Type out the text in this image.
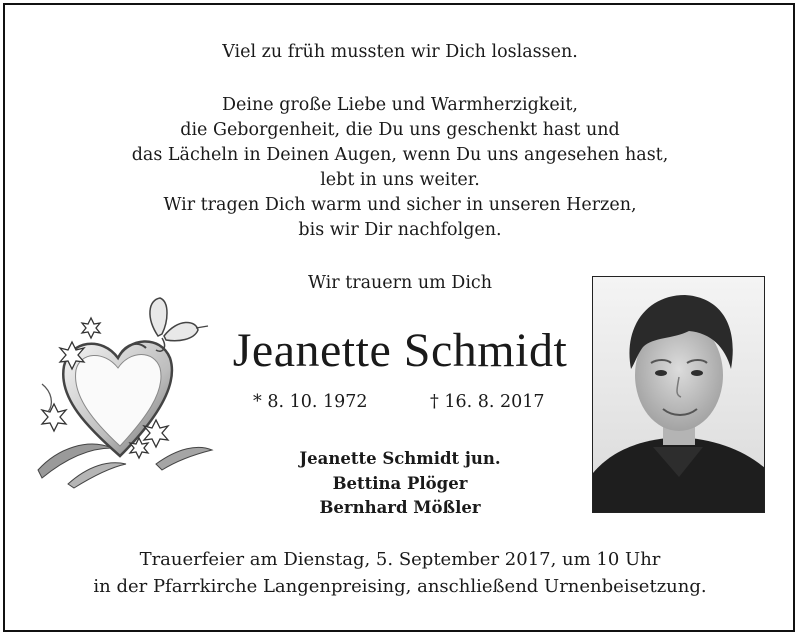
Viel zu früh mussten wir Dich loslassen.
Deine große Liebe und Warmherzigkeit,
die Geborgenheit, die Du uns geschenkt hast und
das Lächeln in Deinen Augen, wenn Du uns angesehen hast,
lebt in uns weiter.
Wir tragen Dich warm und sicher in unseren Herzen,
bis wir Dir nachfolgen.
Wir trauern um Dich
Jeanette Schmidt
* 8. 10. 1972	† 16. 8. 2017
Jeanette Schmidt jun.
Bettina Plöger
Bernhard Mößler
Trauerfeier am Dienstag, 5. September 2017, um 10 Uhr
in der Pfarrkirche Langenpreising, anschließend Urnenbeisetzung.
